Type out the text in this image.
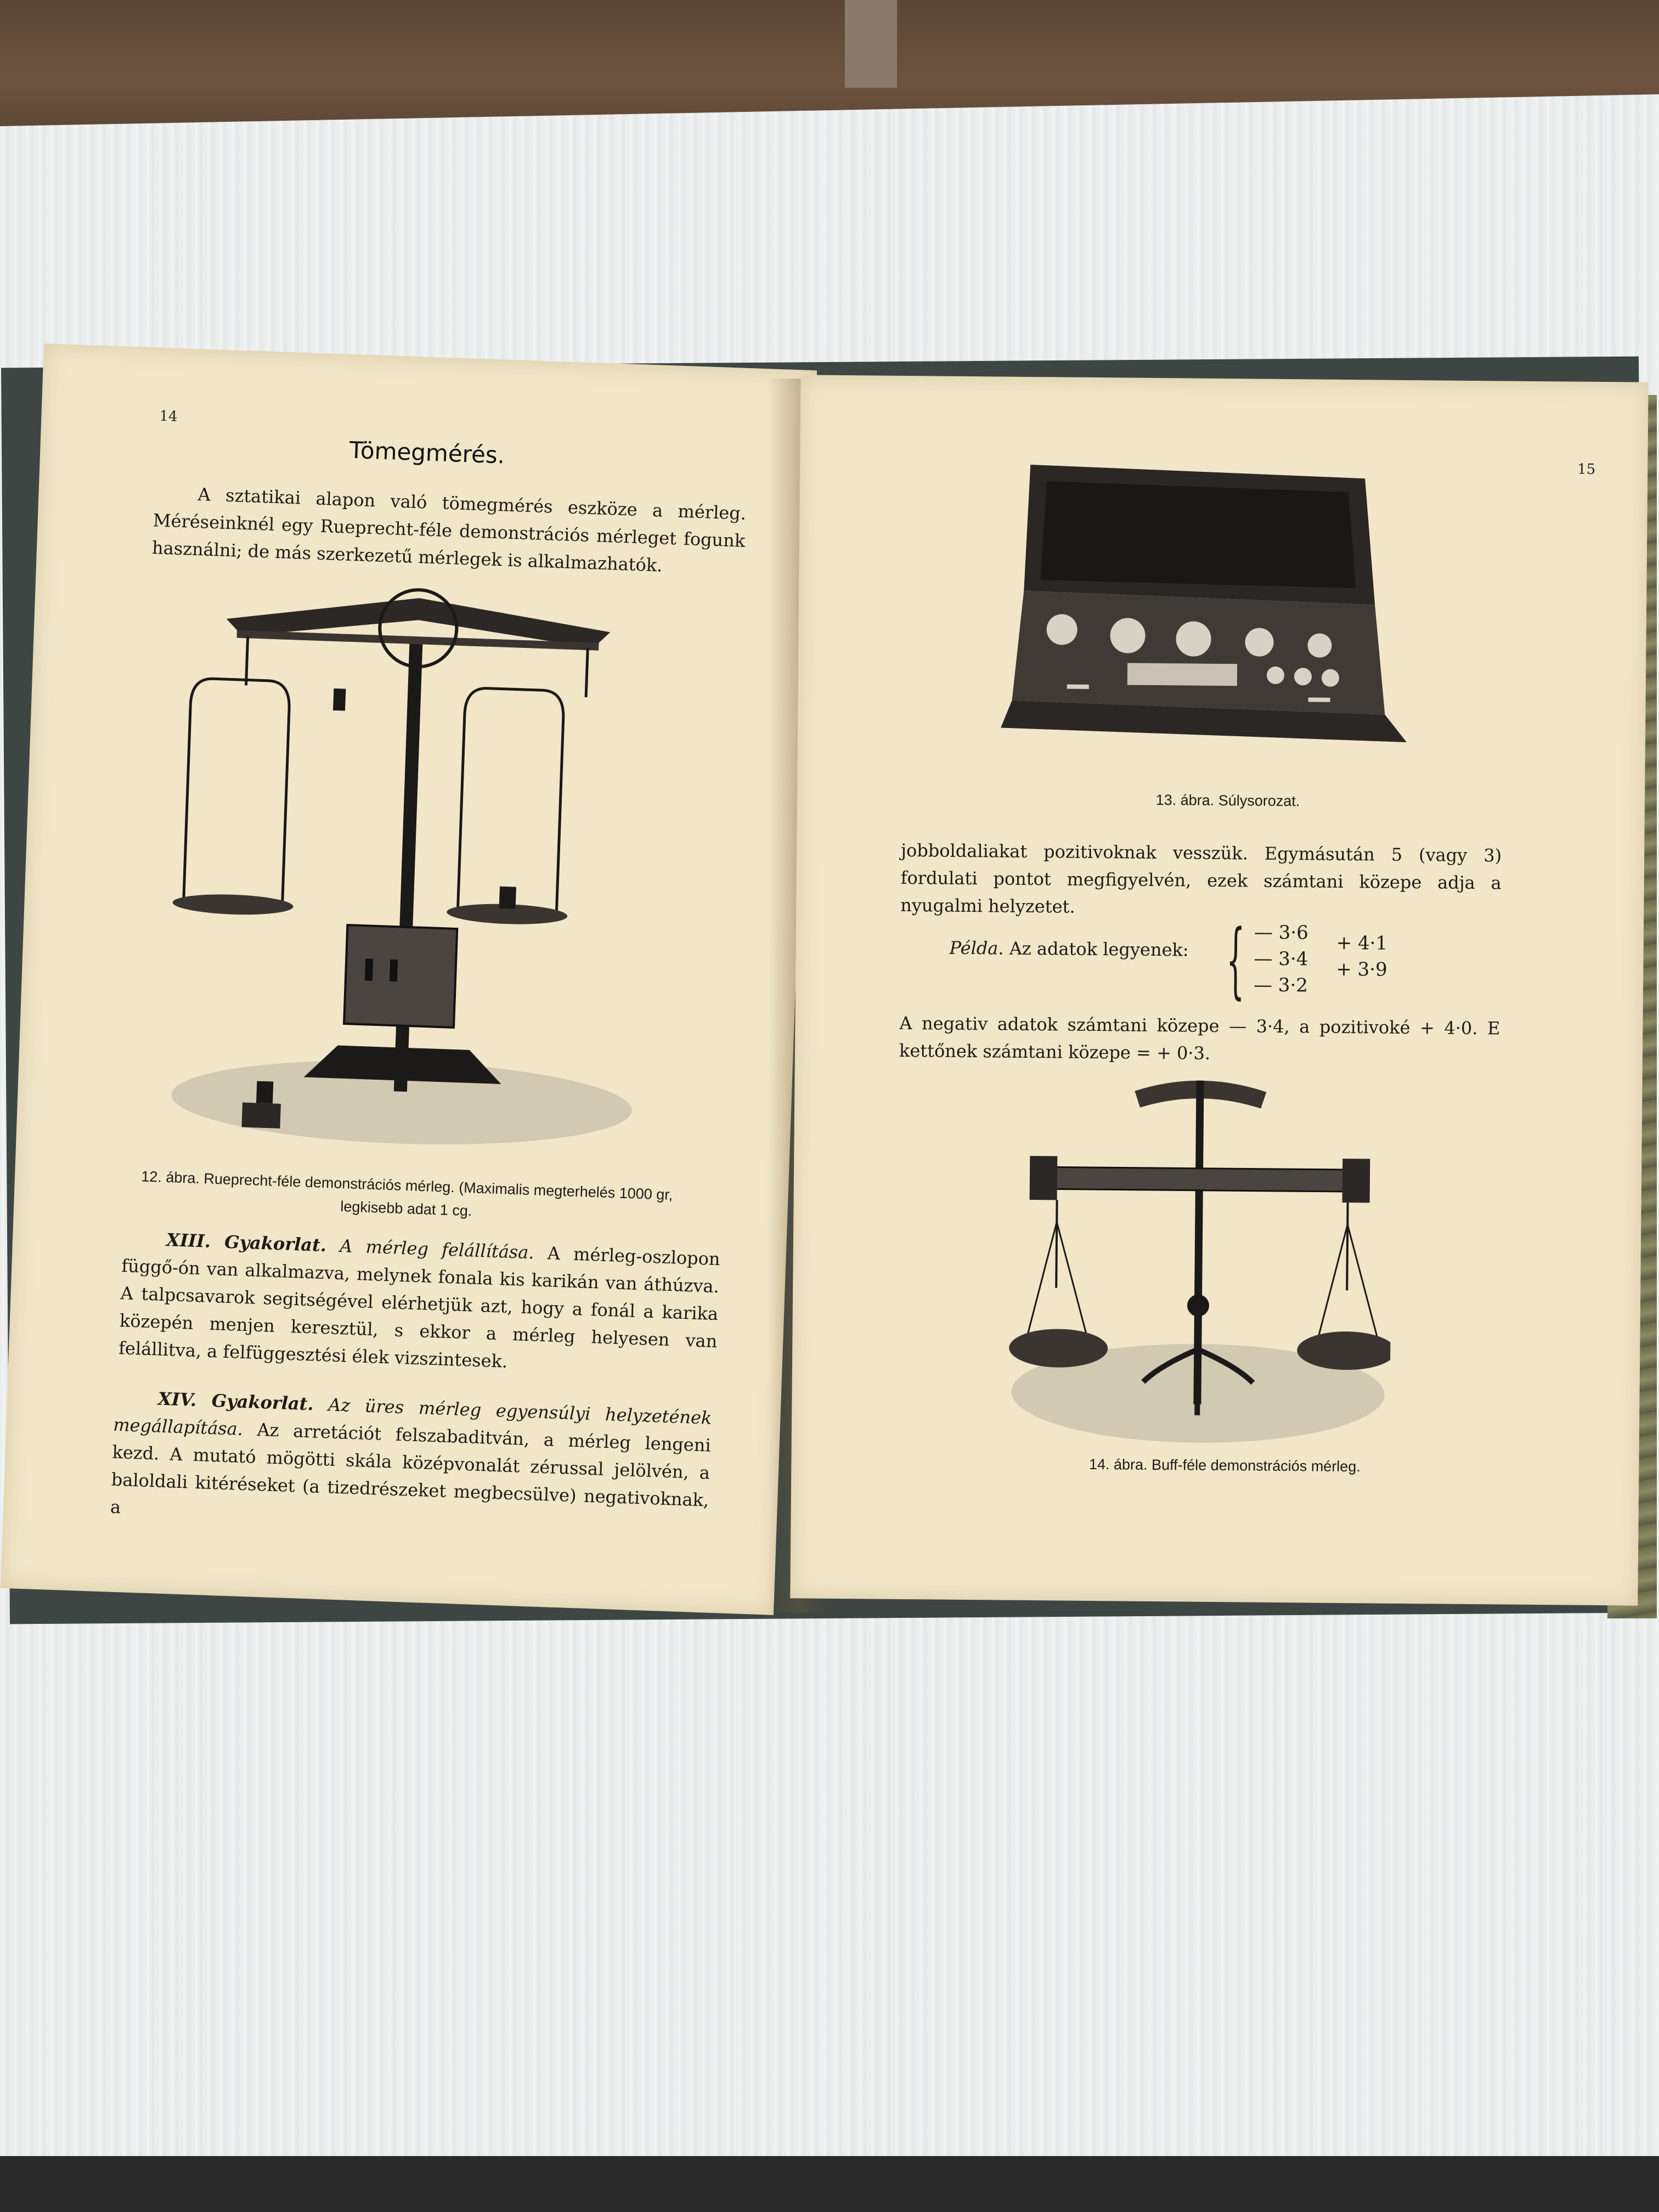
14
Tömegmérés.
A sztatikai alapon való tömegmérés eszköze a mérleg. Méréseinknél egy Rueprecht-féle demonstrációs mérleget fogunk használni; de más szerkezetű mérlegek is alkalmazhatók.
12. ábra. Rueprecht-féle demonstrációs mérleg. (Maximalis megterhelés 1000 gr, legkisebb adat 1 cg.
XIII. Gyakorlat. A mérleg felállítása. A mérleg-oszlopon függő-ón van alkalmazva, melynek fonala kis karikán van áthúzva. A talpcsavarok segitségével elérhetjük azt, hogy a fonál a karika közepén menjen keresztül, s ekkor a mérleg helyesen van felállitva, a felfüggesztési élek vizszintesek.
XIV. Gyakorlat. Az üres mérleg egyensúlyi helyzetének megállapítása. Az arretációt felszabaditván, a mérleg lengeni kezd. A mutató mögötti skála középvonalát zérussal jelölvén, a baloldali kitéréseket (a tizedrészeket megbecsülve) negativoknak, a
15
13. ábra. Súlysorozat.
jobboldaliakat pozitivoknak vesszük. Egymásután 5 (vagy 3) fordulati pontot megfigyelvén, ezek számtani közepe adja a nyugalmi helyzetet.
Példa. Az adatok legyenek: { — 3·6
— 3·4
— 3·2
+ 4·1
+ 3·9
A negativ adatok számtani közepe — 3·4, a pozitivoké + 4·0. E kettőnek számtani közepe = + 0·3.
14. ábra. Buff-féle demonstrációs mérleg.
